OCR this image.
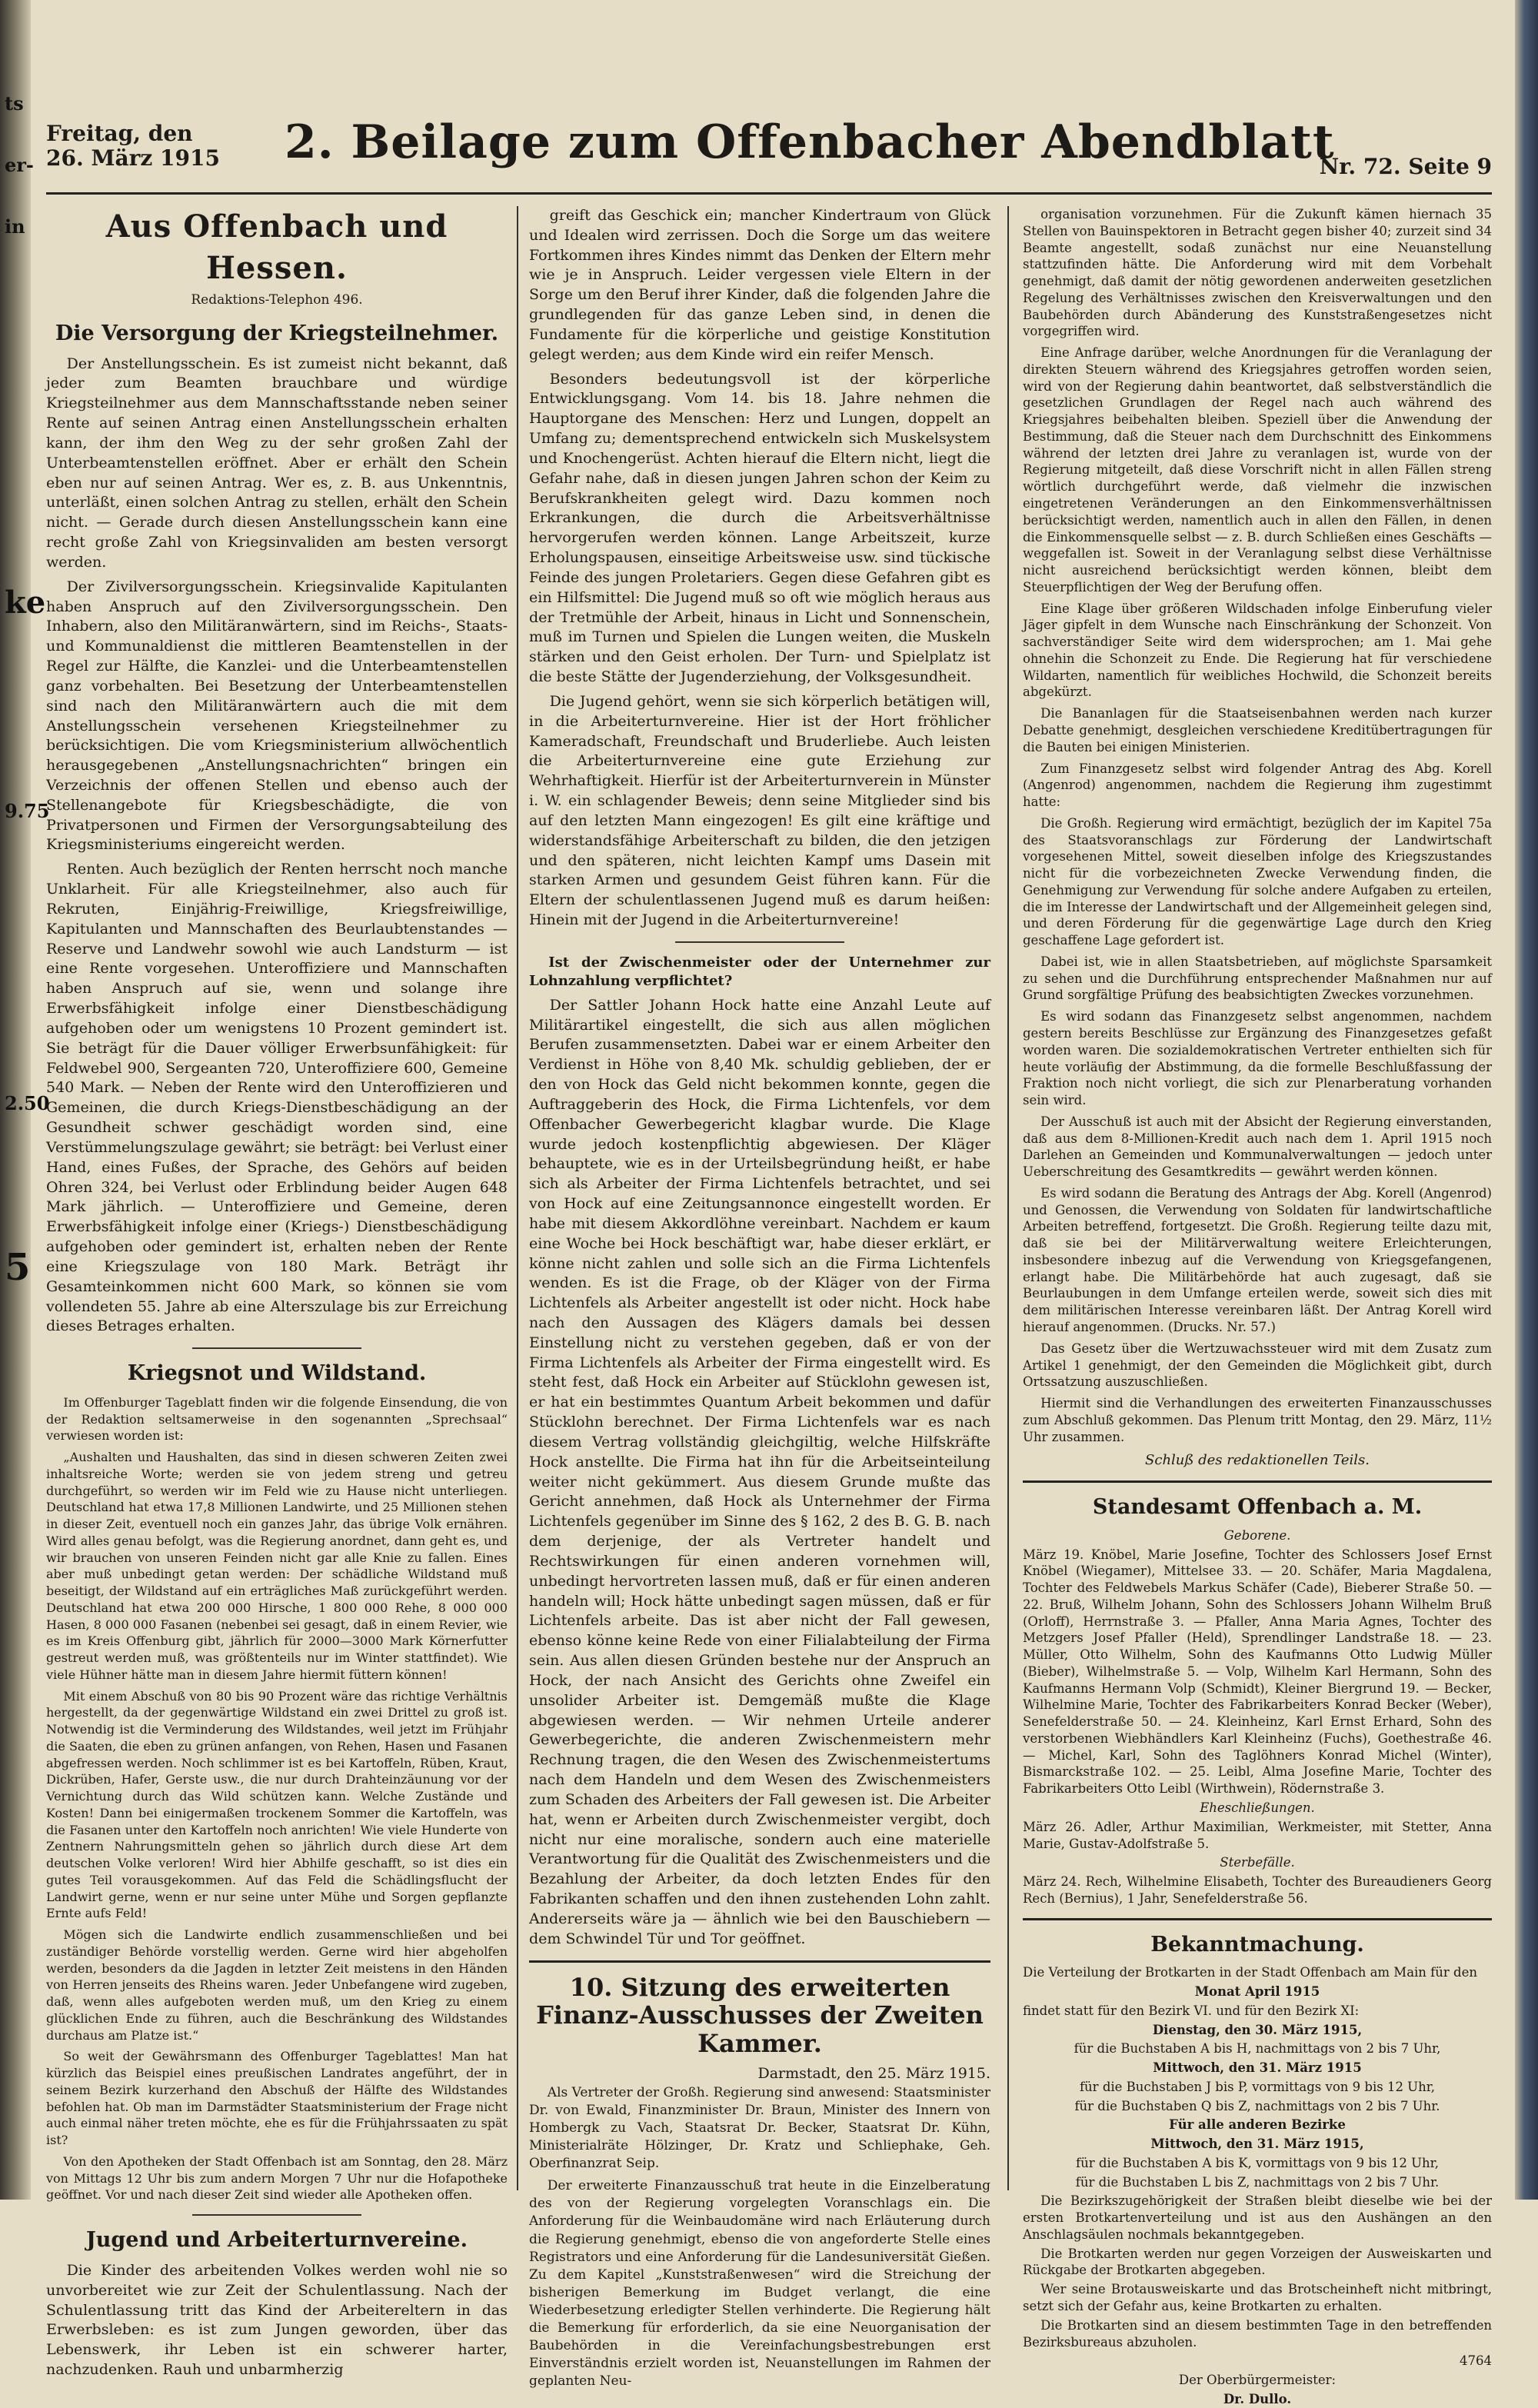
ts
er-
in
ke
9.75
2.50
5
Freitag, den
26. März 1915 2. Beilage zum Offenbacher Abendblatt
Nr. 72. Seite 9
Aus Offenbach und Hessen.
Redaktions-Telephon 496.
Die Versorgung der Kriegsteilnehmer.

Der Anstellungsschein. Es ist zumeist nicht bekannt, daß jeder zum Beamten brauchbare und würdige Kriegsteilnehmer aus dem Mannschaftsstande neben seiner Rente auf seinen Antrag einen Anstellungsschein erhalten kann, der ihm den Weg zu der sehr großen Zahl der Unterbeamtenstellen eröffnet. Aber er erhält den Schein eben nur auf seinen Antrag. Wer es, z. B. aus Unkenntnis, unterläßt, einen solchen Antrag zu stellen, erhält den Schein nicht. — Gerade durch diesen Anstellungsschein kann eine recht große Zahl von Kriegsinvaliden am besten versorgt werden.

Der Zivilversorgungsschein. Kriegsinvalide Kapitulanten haben Anspruch auf den Zivilversorgungsschein. Den Inhabern, also den Militäranwärtern, sind im Reichs-, Staats- und Kommunaldienst die mittleren Beamtenstellen in der Regel zur Hälfte, die Kanzlei- und die Unterbeamtenstellen ganz vorbehalten. Bei Besetzung der Unterbeamtenstellen sind nach den Militäranwärtern auch die mit dem Anstellungsschein versehenen Kriegsteilnehmer zu berücksichtigen. Die vom Kriegsministerium allwöchentlich herausgegebenen „Anstellungsnachrichten“ bringen ein Verzeichnis der offenen Stellen und ebenso auch der Stellenangebote für Kriegsbeschädigte, die von Privatpersonen und Firmen der Versorgungsabteilung des Kriegsministeriums eingereicht werden.

Renten. Auch bezüglich der Renten herrscht noch manche Unklarheit. Für alle Kriegsteilnehmer, also auch für Rekruten, Einjährig-Freiwillige, Kriegsfreiwillige, Kapitulanten und Mannschaften des Beurlaubtenstandes — Reserve und Landwehr sowohl wie auch Landsturm — ist eine Rente vorgesehen. Unteroffiziere und Mannschaften haben Anspruch auf sie, wenn und solange ihre Erwerbsfähigkeit infolge einer Dienstbeschädigung aufgehoben oder um wenigstens 10 Prozent gemindert ist. Sie beträgt für die Dauer völliger Erwerbsunfähigkeit: für Feldwebel 900, Sergeanten 720, Unteroffiziere 600, Gemeine 540 Mark. — Neben der Rente wird den Unteroffizieren und Gemeinen, die durch Kriegs-Dienstbeschädigung an der Gesundheit schwer geschädigt worden sind, eine Verstümmelungszulage gewährt; sie beträgt: bei Verlust einer Hand, eines Fußes, der Sprache, des Gehörs auf beiden Ohren 324, bei Verlust oder Erblindung beider Augen 648 Mark jährlich. — Unteroffiziere und Gemeine, deren Erwerbsfähigkeit infolge einer (Kriegs-) Dienstbeschädigung aufgehoben oder gemindert ist, erhalten neben der Rente eine Kriegszulage von 180 Mark. Beträgt ihr Gesamteinkommen nicht 600 Mark, so können sie vom vollendeten 55. Jahre ab eine Alterszulage bis zur Erreichung dieses Betrages erhalten.

Kriegsnot und Wildstand.

Im Offenburger Tageblatt finden wir die folgende Einsendung, die von der Redaktion seltsamerweise in den sogenannten „Sprechsaal“ verwiesen worden ist:

„Aushalten und Haushalten, das sind in diesen schweren Zeiten zwei inhaltsreiche Worte; werden sie von jedem streng und getreu durchgeführt, so werden wir im Feld wie zu Hause nicht unterliegen. Deutschland hat etwa 17,8 Millionen Landwirte, und 25 Millionen stehen in dieser Zeit, eventuell noch ein ganzes Jahr, das übrige Volk ernähren. Wird alles genau befolgt, was die Regierung anordnet, dann geht es, und wir brauchen von unseren Feinden nicht gar alle Knie zu fallen. Eines aber muß unbedingt getan werden: Der schädliche Wildstand muß beseitigt, der Wildstand auf ein erträgliches Maß zurückgeführt werden. Deutschland hat etwa 200 000 Hirsche, 1 800 000 Rehe, 8 000 000 Hasen, 8 000 000 Fasanen (nebenbei sei gesagt, daß in einem Revier, wie es im Kreis Offenburg gibt, jährlich für 2000—3000 Mark Körnerfutter gestreut werden muß, was größtenteils nur im Winter stattfindet). Wie viele Hühner hätte man in diesem Jahre hiermit füttern können!

Mit einem Abschuß von 80 bis 90 Prozent wäre das richtige Verhältnis hergestellt, da der gegenwärtige Wildstand ein zwei Drittel zu groß ist. Notwendig ist die Verminderung des Wildstandes, weil jetzt im Frühjahr die Saaten, die eben zu grünen anfangen, von Rehen, Hasen und Fasanen abgefressen werden. Noch schlimmer ist es bei Kartoffeln, Rüben, Kraut, Dickrüben, Hafer, Gerste usw., die nur durch Drahteinzäunung vor der Vernichtung durch das Wild schützen kann. Welche Zustände und Kosten! Dann bei einigermaßen trockenem Sommer die Kartoffeln, was die Fasanen unter den Kartoffeln noch anrichten! Wie viele Hunderte von Zentnern Nahrungsmitteln gehen so jährlich durch diese Art dem deutschen Volke verloren! Wird hier Abhilfe geschafft, so ist dies ein gutes Teil vorausgekommen. Auf das Feld die Schädlingsflucht der Landwirt gerne, wenn er nur seine unter Mühe und Sorgen gepflanzte Ernte aufs Feld!

Mögen sich die Landwirte endlich zusammenschließen und bei zuständiger Behörde vorstellig werden. Gerne wird hier abgeholfen werden, besonders da die Jagden in letzter Zeit meistens in den Händen von Herren jenseits des Rheins waren. Jeder Unbefangene wird zugeben, daß, wenn alles aufgeboten werden muß, um den Krieg zu einem glücklichen Ende zu führen, auch die Beschränkung des Wildstandes durchaus am Platze ist.“

So weit der Gewährsmann des Offenburger Tageblattes! Man hat kürzlich das Beispiel eines preußischen Landrates angeführt, der in seinem Bezirk kurzerhand den Abschuß der Hälfte des Wildstandes befohlen hat. Ob man im Darmstädter Staatsministerium der Frage nicht auch einmal näher treten möchte, ehe es für die Frühjahrssaaten zu spät ist?

Von den Apotheken der Stadt Offenbach ist am Sonntag, den 28. März von Mittags 12 Uhr bis zum andern Morgen 7 Uhr nur die Hofapotheke geöffnet. Vor und nach dieser Zeit sind wieder alle Apotheken offen.

Jugend und Arbeiterturnvereine.

Die Kinder des arbeitenden Volkes werden wohl nie so unvorbereitet wie zur Zeit der Schulentlassung. Nach der Schulentlassung tritt das Kind der Arbeitereltern in das Erwerbsleben: es ist zum Jungen geworden, über das Lebenswerk, ihr Leben ist ein schwerer harter, nachzudenken. Rauh und unbarmherzig

greift das Geschick ein; mancher Kindertraum von Glück und Idealen wird zerrissen. Doch die Sorge um das weitere Fortkommen ihres Kindes nimmt das Denken der Eltern mehr wie je in Anspruch. Leider vergessen viele Eltern in der Sorge um den Beruf ihrer Kinder, daß die folgenden Jahre die grundlegenden für das ganze Leben sind, in denen die Fundamente für die körperliche und geistige Konstitution gelegt werden; aus dem Kinde wird ein reifer Mensch.

Besonders bedeutungsvoll ist der körperliche Entwicklungsgang. Vom 14. bis 18. Jahre nehmen die Hauptorgane des Menschen: Herz und Lungen, doppelt an Umfang zu; dementsprechend entwickeln sich Muskelsystem und Knochengerüst. Achten hierauf die Eltern nicht, liegt die Gefahr nahe, daß in diesen jungen Jahren schon der Keim zu Berufskrankheiten gelegt wird. Dazu kommen noch Erkrankungen, die durch die Arbeitsverhältnisse hervorgerufen werden können. Lange Arbeitszeit, kurze Erholungspausen, einseitige Arbeitsweise usw. sind tückische Feinde des jungen Proletariers. Gegen diese Gefahren gibt es ein Hilfsmittel: Die Jugend muß so oft wie möglich heraus aus der Tretmühle der Arbeit, hinaus in Licht und Sonnenschein, muß im Turnen und Spielen die Lungen weiten, die Muskeln stärken und den Geist erholen. Der Turn- und Spielplatz ist die beste Stätte der Jugenderziehung, der Volksgesundheit.

Die Jugend gehört, wenn sie sich körperlich betätigen will, in die Arbeiterturnvereine. Hier ist der Hort fröhlicher Kameradschaft, Freundschaft und Bruderliebe. Auch leisten die Arbeiterturnvereine eine gute Erziehung zur Wehrhaftigkeit. Hierfür ist der Arbeiterturnverein in Münster i. W. ein schlagender Beweis; denn seine Mitglieder sind bis auf den letzten Mann eingezogen! Es gilt eine kräftige und widerstandsfähige Arbeiterschaft zu bilden, die den jetzigen und den späteren, nicht leichten Kampf ums Dasein mit starken Armen und gesundem Geist führen kann. Für die Eltern der schulentlassenen Jugend muß es darum heißen: Hinein mit der Jugend in die Arbeiterturnvereine!

Ist der Zwischenmeister oder der Unternehmer zur Lohnzahlung verpflichtet?

Der Sattler Johann Hock hatte eine Anzahl Leute auf Militärartikel eingestellt, die sich aus allen möglichen Berufen zusammensetzten. Dabei war er einem Arbeiter den Verdienst in Höhe von 8,40 Mk. schuldig geblieben, der er den von Hock das Geld nicht bekommen konnte, gegen die Auftraggeberin des Hock, die Firma Lichtenfels, vor dem Offenbacher Gewerbegericht klagbar wurde. Die Klage wurde jedoch kostenpflichtig abgewiesen. Der Kläger behauptete, wie es in der Urteilsbegründung heißt, er habe sich als Arbeiter der Firma Lichtenfels betrachtet, und sei von Hock auf eine Zeitungsannonce eingestellt worden. Er habe mit diesem Akkordlöhne vereinbart. Nachdem er kaum eine Woche bei Hock beschäftigt war, habe dieser erklärt, er könne nicht zahlen und solle sich an die Firma Lichtenfels wenden. Es ist die Frage, ob der Kläger von der Firma Lichtenfels als Arbeiter angestellt ist oder nicht. Hock habe nach den Aussagen des Klägers damals bei dessen Einstellung nicht zu verstehen gegeben, daß er von der Firma Lichtenfels als Arbeiter der Firma eingestellt wird. Es steht fest, daß Hock ein Arbeiter auf Stücklohn gewesen ist, er hat ein bestimmtes Quantum Arbeit bekommen und dafür Stücklohn berechnet. Der Firma Lichtenfels war es nach diesem Vertrag vollständig gleichgiltig, welche Hilfskräfte Hock anstellte. Die Firma hat ihn für die Arbeitseinteilung weiter nicht gekümmert. Aus diesem Grunde mußte das Gericht annehmen, daß Hock als Unternehmer der Firma Lichtenfels gegenüber im Sinne des § 162, 2 des B. G. B. nach dem derjenige, der als Vertreter handelt und Rechtswirkungen für einen anderen vornehmen will, unbedingt hervortreten lassen muß, daß er für einen anderen handeln will; Hock hätte unbedingt sagen müssen, daß er für Lichtenfels arbeite. Das ist aber nicht der Fall gewesen, ebenso könne keine Rede von einer Filialabteilung der Firma sein. Aus allen diesen Gründen bestehe nur der Anspruch an Hock, der nach Ansicht des Gerichts ohne Zweifel ein unsolider Arbeiter ist. Demgemäß mußte die Klage abgewiesen werden. — Wir nehmen Urteile anderer Gewerbegerichte, die anderen Zwischenmeistern mehr Rechnung tragen, die den Wesen des Zwischenmeistertums nach dem Handeln und dem Wesen des Zwischenmeisters zum Schaden des Arbeiters der Fall gewesen ist. Die Arbeiter hat, wenn er Arbeiten durch Zwischenmeister vergibt, doch nicht nur eine moralische, sondern auch eine materielle Verantwortung für die Qualität des Zwischenmeisters und die Bezahlung der Arbeiter, da doch letzten Endes für den Fabrikanten schaffen und den ihnen zustehenden Lohn zahlt. Andererseits wäre ja — ähnlich wie bei den Bauschiebern — dem Schwindel Tür und Tor geöffnet.

10. Sitzung des erweiterten Finanz-Ausschusses der Zweiten Kammer.
Darmstadt, den 25. März 1915.

Als Vertreter der Großh. Regierung sind anwesend: Staatsminister Dr. von Ewald, Finanzminister Dr. Braun, Minister des Innern von Hombergk zu Vach, Staatsrat Dr. Becker, Staatsrat Dr. Kühn, Ministerialräte Hölzinger, Dr. Kratz und Schliephake, Geh. Oberfinanzrat Seip.

Der erweiterte Finanzausschuß trat heute in die Einzelberatung des von der Regierung vorgelegten Voranschlags ein. Die Anforderung für die Weinbaudomäne wird nach Erläuterung durch die Regierung genehmigt, ebenso die von angeforderte Stelle eines Registrators und eine Anforderung für die Landesuniversität Gießen. Zu dem Kapitel „Kunststraßenwesen“ wird die Streichung der bisherigen Bemerkung im Budget verlangt, die eine Wiederbesetzung erledigter Stellen verhinderte. Die Regierung hält die Bemerkung für erforderlich, da sie eine Neuorganisation der Baubehörden in die Vereinfachungsbestrebungen erst Einverständnis erzielt worden ist, Neuanstellungen im Rahmen der geplanten Neu-

organisation vorzunehmen. Für die Zukunft kämen hiernach 35 Stellen von Bauinspektoren in Betracht gegen bisher 40; zurzeit sind 34 Beamte angestellt, sodaß zunächst nur eine Neuanstellung stattzufinden hätte. Die Anforderung wird mit dem Vorbehalt genehmigt, daß damit der nötig gewordenen anderweiten gesetzlichen Regelung des Verhältnisses zwischen den Kreisverwaltungen und den Baubehörden durch Abänderung des Kunststraßengesetzes nicht vorgegriffen wird.

Eine Anfrage darüber, welche Anordnungen für die Veranlagung der direkten Steuern während des Kriegsjahres getroffen worden seien, wird von der Regierung dahin beantwortet, daß selbstverständlich die gesetzlichen Grundlagen der Regel nach auch während des Kriegsjahres beibehalten bleiben. Speziell über die Anwendung der Bestimmung, daß die Steuer nach dem Durchschnitt des Einkommens während der letzten drei Jahre zu veranlagen ist, wurde von der Regierung mitgeteilt, daß diese Vorschrift nicht in allen Fällen streng wörtlich durchgeführt werde, daß vielmehr die inzwischen eingetretenen Veränderungen an den Einkommensverhältnissen berücksichtigt werden, namentlich auch in allen den Fällen, in denen die Einkommensquelle selbst — z. B. durch Schließen eines Geschäfts — weggefallen ist. Soweit in der Veranlagung selbst diese Verhältnisse nicht ausreichend berücksichtigt werden können, bleibt dem Steuerpflichtigen der Weg der Berufung offen.

Eine Klage über größeren Wildschaden infolge Einberufung vieler Jäger gipfelt in dem Wunsche nach Einschränkung der Schonzeit. Von sachverständiger Seite wird dem widersprochen; am 1. Mai gehe ohnehin die Schonzeit zu Ende. Die Regierung hat für verschiedene Wildarten, namentlich für weibliches Hochwild, die Schonzeit bereits abgekürzt.

Die Bananlagen für die Staatseisenbahnen werden nach kurzer Debatte genehmigt, desgleichen verschiedene Kreditübertragungen für die Bauten bei einigen Ministerien.

Zum Finanzgesetz selbst wird folgender Antrag des Abg. Korell (Angenrod) angenommen, nachdem die Regierung ihm zugestimmt hatte:

Die Großh. Regierung wird ermächtigt, bezüglich der im Kapitel 75a des Staatsvoranschlags zur Förderung der Landwirtschaft vorgesehenen Mittel, soweit dieselben infolge des Kriegszustandes nicht für die vorbezeichneten Zwecke Verwendung finden, die Genehmigung zur Verwendung für solche andere Aufgaben zu erteilen, die im Interesse der Landwirtschaft und der Allgemeinheit gelegen sind, und deren Förderung für die gegenwärtige Lage durch den Krieg geschaffene Lage gefordert ist.

Dabei ist, wie in allen Staatsbetrieben, auf möglichste Sparsamkeit zu sehen und die Durchführung entsprechender Maßnahmen nur auf Grund sorgfältige Prüfung des beabsichtigten Zweckes vorzunehmen.

Es wird sodann das Finanzgesetz selbst angenommen, nachdem gestern bereits Beschlüsse zur Ergänzung des Finanzgesetzes gefaßt worden waren. Die sozialdemokratischen Vertreter enthielten sich für heute vorläufig der Abstimmung, da die formelle Beschlußfassung der Fraktion noch nicht vorliegt, die sich zur Plenarberatung vorhanden sein wird.

Der Ausschuß ist auch mit der Absicht der Regierung einverstanden, daß aus dem 8-Millionen-Kredit auch nach dem 1. April 1915 noch Darlehen an Gemeinden und Kommunalverwaltungen — jedoch unter Ueberschreitung des Gesamtkredits — gewährt werden können.

Es wird sodann die Beratung des Antrags der Abg. Korell (Angenrod) und Genossen, die Verwendung von Soldaten für landwirtschaftliche Arbeiten betreffend, fortgesetzt. Die Großh. Regierung teilte dazu mit, daß sie bei der Militärverwaltung weitere Erleichterungen, insbesondere inbezug auf die Verwendung von Kriegsgefangenen, erlangt habe. Die Militärbehörde hat auch zugesagt, daß sie Beurlaubungen in dem Umfange erteilen werde, soweit sich dies mit dem militärischen Interesse vereinbaren läßt. Der Antrag Korell wird hierauf angenommen. (Drucks. Nr. 57.)

Das Gesetz über die Wertzuwachssteuer wird mit dem Zusatz zum Artikel 1 genehmigt, der den Gemeinden die Möglichkeit gibt, durch Ortssatzung auszuschließen.

Hiermit sind die Verhandlungen des erweiterten Finanzausschusses zum Abschluß gekommen. Das Plenum tritt Montag, den 29. März, 11½ Uhr zusammen.

Schluß des redaktionellen Teils.
Standesamt Offenbach a. M.

Geborene.

März 19. Knöbel, Marie Josefine, Tochter des Schlossers Josef Ernst Knöbel (Wiegamer), Mittelsee 33. — 20. Schäfer, Maria Magdalena, Tochter des Feldwebels Markus Schäfer (Cade), Bieberer Straße 50. — 22. Bruß, Wilhelm Johann, Sohn des Schlossers Johann Wilhelm Bruß (Orloff), Herrnstraße 3. — Pfaller, Anna Maria Agnes, Tochter des Metzgers Josef Pfaller (Held), Sprendlinger Landstraße 18. — 23. Müller, Otto Wilhelm, Sohn des Kaufmanns Otto Ludwig Müller (Bieber), Wilhelmstraße 5. — Volp, Wilhelm Karl Hermann, Sohn des Kaufmanns Hermann Volp (Schmidt), Kleiner Biergrund 19. — Becker, Wilhelmine Marie, Tochter des Fabrikarbeiters Konrad Becker (Weber), Senefelderstraße 50. — 24. Kleinheinz, Karl Ernst Erhard, Sohn des verstorbenen Wiebhändlers Karl Kleinheinz (Fuchs), Goethestraße 46. — Michel, Karl, Sohn des Taglöhners Konrad Michel (Winter), Bismarckstraße 102. — 25. Leibl, Alma Josefine Marie, Tochter des Fabrikarbeiters Otto Leibl (Wirthwein), Rödernstraße 3.

Eheschließungen.

März 26. Adler, Arthur Maximilian, Werkmeister, mit Stetter, Anna Marie, Gustav-Adolfstraße 5.

Sterbefälle.

März 24. Rech, Wilhelmine Elisabeth, Tochter des Bureaudieners Georg Rech (Bernius), 1 Jahr, Senefelderstraße 56.

Bekanntmachung.

Die Verteilung der Brotkarten in der Stadt Offenbach am Main für den

Monat April 1915

findet statt für den Bezirk VI. und für den Bezirk XI:

Dienstag, den 30. März 1915,

für die Buchstaben A bis H, nachmittags von 2 bis 7 Uhr,

Mittwoch, den 31. März 1915

für die Buchstaben J bis P, vormittags von 9 bis 12 Uhr,

für die Buchstaben Q bis Z, nachmittags von 2 bis 7 Uhr.

Für alle anderen Bezirke

Mittwoch, den 31. März 1915,

für die Buchstaben A bis K, vormittags von 9 bis 12 Uhr,

für die Buchstaben L bis Z, nachmittags von 2 bis 7 Uhr.

Die Bezirkszugehörigkeit der Straßen bleibt dieselbe wie bei der ersten Brotkartenverteilung und ist aus den Aushängen an den Anschlagsäulen nochmals bekanntgegeben.

Die Brotkarten werden nur gegen Vorzeigen der Ausweiskarten und Rückgabe der Brotkarten abgegeben.

Wer seine Brotausweiskarte und das Brotscheinheft nicht mitbringt, setzt sich der Gefahr aus, keine Brotkarten zu erhalten.

Die Brotkarten sind an diesem bestimmten Tage in den betreffenden Bezirksbureaus abzuholen.

4764

Der Oberbürgermeister:

Dr. Dullo.
